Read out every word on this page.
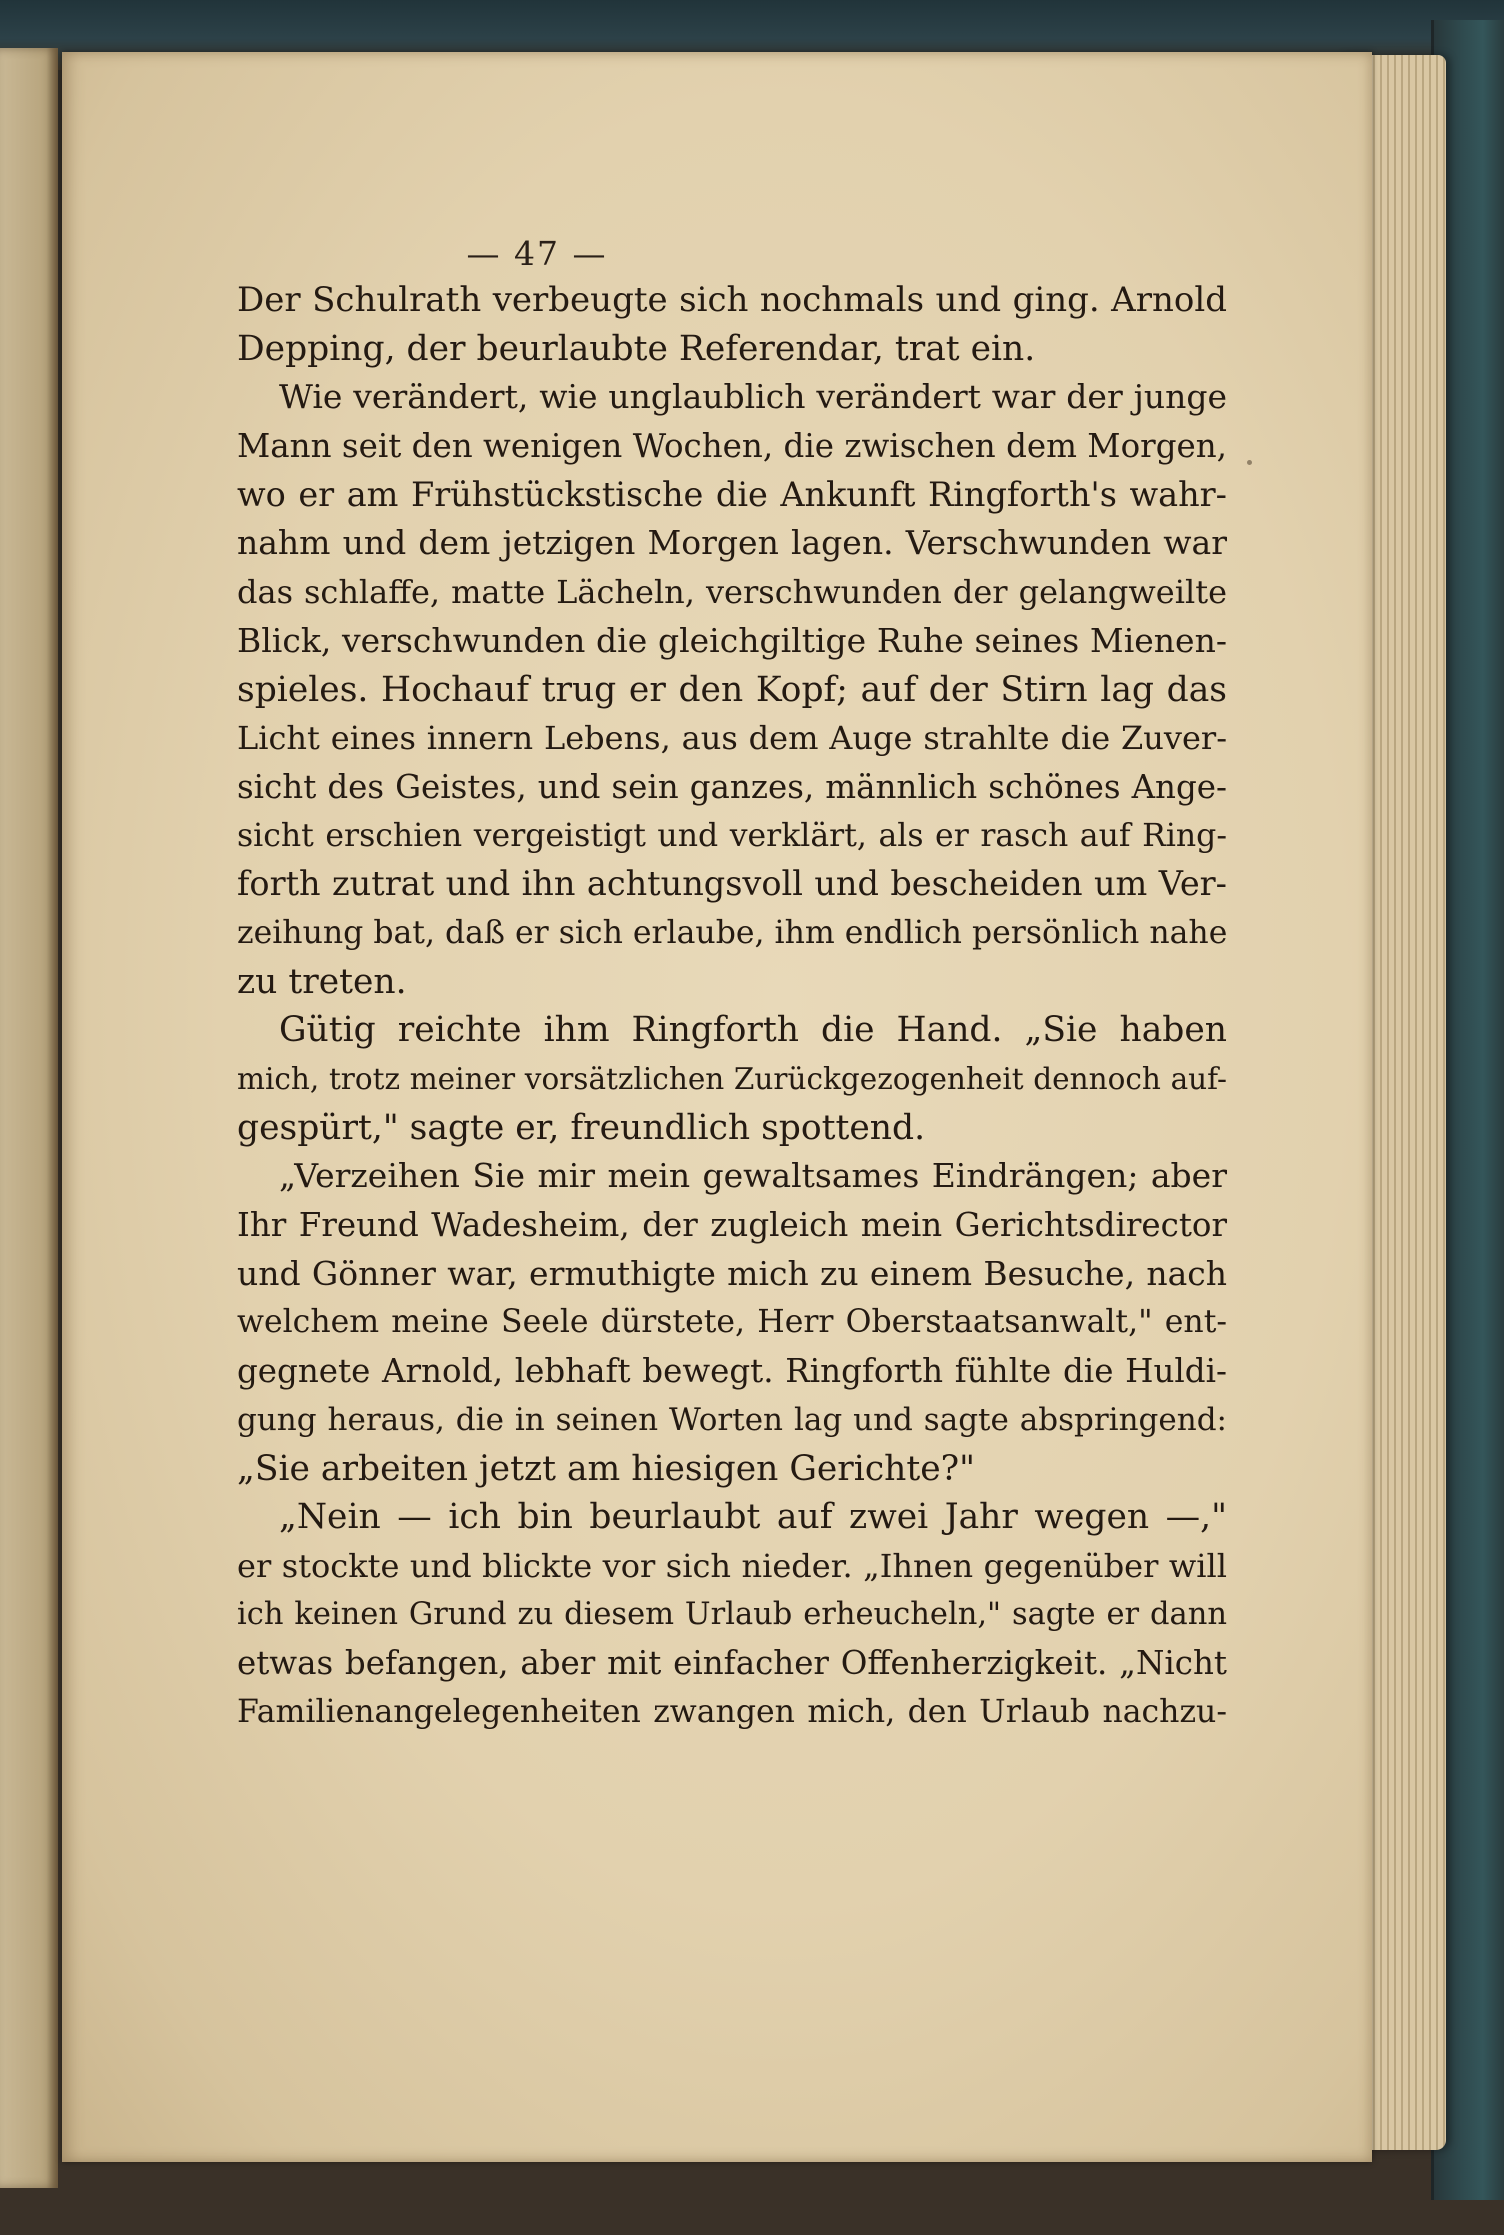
— 47 —
Der Schulrath verbeugte sich nochmals und ging. Arnold
Depping, der beurlaubte Referendar, trat ein.
Wie verändert, wie unglaublich verändert war der junge
Mann seit den wenigen Wochen, die zwischen dem Morgen,
wo er am Frühstückstische die Ankunft Ringforth's wahr-
nahm und dem jetzigen Morgen lagen. Verschwunden war
das schlaffe, matte Lächeln, verschwunden der gelangweilte
Blick, verschwunden die gleichgiltige Ruhe seines Mienen-
spieles. Hochauf trug er den Kopf; auf der Stirn lag das
Licht eines innern Lebens, aus dem Auge strahlte die Zuver-
sicht des Geistes, und sein ganzes, männlich schönes Ange-
sicht erschien vergeistigt und verklärt, als er rasch auf Ring-
forth zutrat und ihn achtungsvoll und bescheiden um Ver-
zeihung bat, daß er sich erlaube, ihm endlich persönlich nahe
zu treten.
Gütig reichte ihm Ringforth die Hand. „Sie haben
mich, trotz meiner vorsätzlichen Zurückgezogenheit dennoch auf-
gespürt," sagte er, freundlich spottend.
„Verzeihen Sie mir mein gewaltsames Eindrängen; aber
Ihr Freund Wadesheim, der zugleich mein Gerichtsdirector
und Gönner war, ermuthigte mich zu einem Besuche, nach
welchem meine Seele dürstete, Herr Oberstaatsanwalt," ent-
gegnete Arnold, lebhaft bewegt. Ringforth fühlte die Huldi-
gung heraus, die in seinen Worten lag und sagte abspringend:
„Sie arbeiten jetzt am hiesigen Gerichte?"
„Nein — ich bin beurlaubt auf zwei Jahr wegen —,"
er stockte und blickte vor sich nieder. „Ihnen gegenüber will
ich keinen Grund zu diesem Urlaub erheucheln," sagte er dann
etwas befangen, aber mit einfacher Offenherzigkeit. „Nicht
Familienangelegenheiten zwangen mich, den Urlaub nachzu-
